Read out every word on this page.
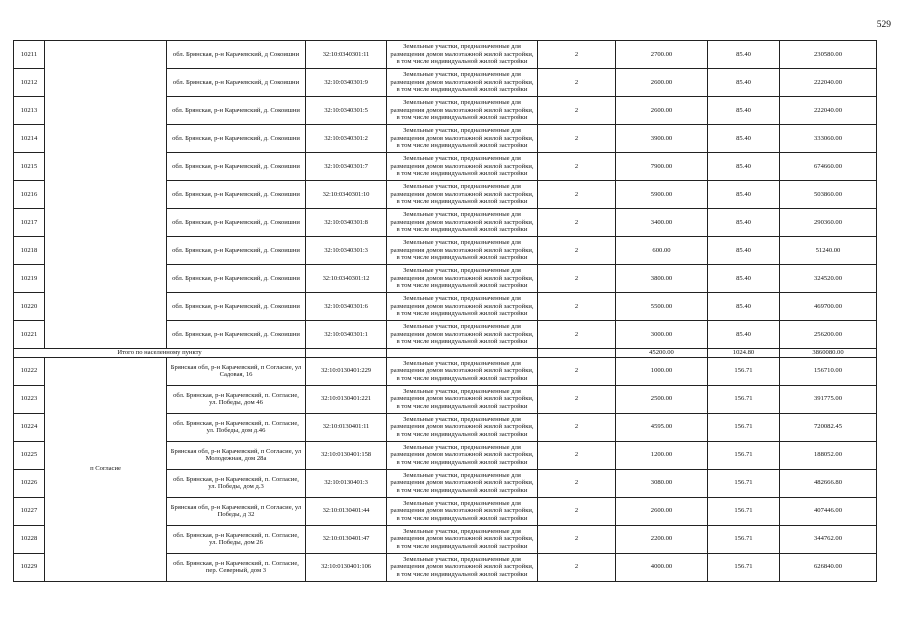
529
10211		обл. Брянская, р-н Карачевский, д Сокоишни	32:10:0340301:11	Земельные участки, предназначенные для размещения домов малоэтажной жилой застройки, в том числе индивидуальной жилой застройки	2	2700.00	85.40	230580.00
10212		обл. Брянская, р-н Карачевский, д Сокоишни	32:10:0340301:9	Земельные участки, предназначенные для размещения домов малоэтажной жилой застройки, в том числе индивидуальной жилой застройки	2	2600.00	85.40	222040.00
10213		обл. Брянская, р-н Карачевский, д. Сокоишни	32:10:0340301:5	Земельные участки, предназначенные для размещения домов малоэтажной жилой застройки, в том числе индивидуальной жилой застройки	2	2600.00	85.40	222040.00
10214		обл. Брянская, р-н Карачевский, д. Сокоишни	32:10:0340301:2	Земельные участки, предназначенные для размещения домов малоэтажной жилой застройки, в том числе индивидуальной жилой застройки	2	3900.00	85.40	333060.00
10215		обл. Брянская, р-н Карачевский, д. Сокоишни	32:10:0340301:7	Земельные участки, предназначенные для размещения домов малоэтажной жилой застройки, в том числе индивидуальной жилой застройки	2	7900.00	85.40	674660.00
10216		обл. Брянская, р-н Карачевский, д. Сокоишни	32:10:0340301:10	Земельные участки, предназначенные для размещения домов малоэтажной жилой застройки, в том числе индивидуальной жилой застройки	2	5900.00	85.40	503860.00
10217		обл. Брянская, р-н Карачевский, д. Сокоишни	32:10:0340301:8	Земельные участки, предназначенные для размещения домов малоэтажной жилой застройки, в том числе индивидуальной жилой застройки	2	3400.00	85.40	290360.00
10218		обл. Брянская, р-н Карачевский, д. Сокоишни	32:10:0340301:3	Земельные участки, предназначенные для размещения домов малоэтажной жилой застройки, в том числе индивидуальной жилой застройки	2	600.00	85.40	51240.00
10219		обл. Брянская, р-н Карачевский, д. Сокоишни	32:10:0340301:12	Земельные участки, предназначенные для размещения домов малоэтажной жилой застройки, в том числе индивидуальной жилой застройки	2	3800.00	85.40	324520.00
10220		обл. Брянская, р-н Карачевский, д. Сокоишни	32:10:0340301:6	Земельные участки, предназначенные для размещения домов малоэтажной жилой застройки, в том числе индивидуальной жилой застройки	2	5500.00	85.40	469700.00
10221		обл. Брянская, р-н Карачевский, д. Сокоишни	32:10:0340301:1	Земельные участки, предназначенные для размещения домов малоэтажной жилой застройки, в том числе индивидуальной жилой застройки	2	3000.00	85.40	256200.00
Итого по населенному пункту						45200.00	1024.80	3860080.00
10222	п Согласие	Брянская обл, р-н Карачевский, п Согласие, ул Садовая, 16	32:10:0130401:229	Земельные участки, предназначенные для размещения домов малоэтажной жилой застройки, в том числе индивидуальной жилой застройки	2	1000.00	156.71	156710.00
10223		обл. Брянская, р-н Карачевский, п. Согласие, ул. Победы, дом 46	32:10:0130401:221	Земельные участки, предназначенные для размещения домов малоэтажной жилой застройки, в том числе индивидуальной жилой застройки	2	2500.00	156.71	391775.00
10224		обл. Брянская, р-н Карачевский, п. Согласие, ул. Победы, дом д.46	32:10:0130401:11	Земельные участки, предназначенные для размещения домов малоэтажной жилой застройки, в том числе индивидуальной жилой застройки	2	4595.00	156.71	720082.45
10225		Брянская обл, р-н Карачевский, п Согласие, ул Молодежная, дом 28а	32:10:0130401:158	Земельные участки, предназначенные для размещения домов малоэтажной жилой застройки, в том числе индивидуальной жилой застройки	2	1200.00	156.71	188052.00
10226		обл. Брянская, р-н Карачевский, п. Согласие, ул. Победы, дом д.3	32:10:0130401:3	Земельные участки, предназначенные для размещения домов малоэтажной жилой застройки, в том числе индивидуальной жилой застройки	2	3080.00	156.71	482666.80
10227		Брянская обл, р-н Карачевский, п Согласие, ул Победы, д 32	32:10:0130401:44	Земельные участки, предназначенные для размещения домов малоэтажной жилой застройки, в том числе индивидуальной жилой застройки	2	2600.00	156.71	407446.00
10228		обл. Брянская, р-н Карачевский, п. Согласие, ул. Победы, дом 26	32:10:0130401:47	Земельные участки, предназначенные для размещения домов малоэтажной жилой застройки, в том числе индивидуальной жилой застройки	2	2200.00	156.71	344762.00
10229		обл. Брянская, р-н Карачевский, п. Согласие, пер. Северный, дом 3	32:10:0130401:106	Земельные участки, предназначенные для размещения домов малоэтажной жилой застройки, в том числе индивидуальной жилой застройки	2	4000.00	156.71	626840.00
